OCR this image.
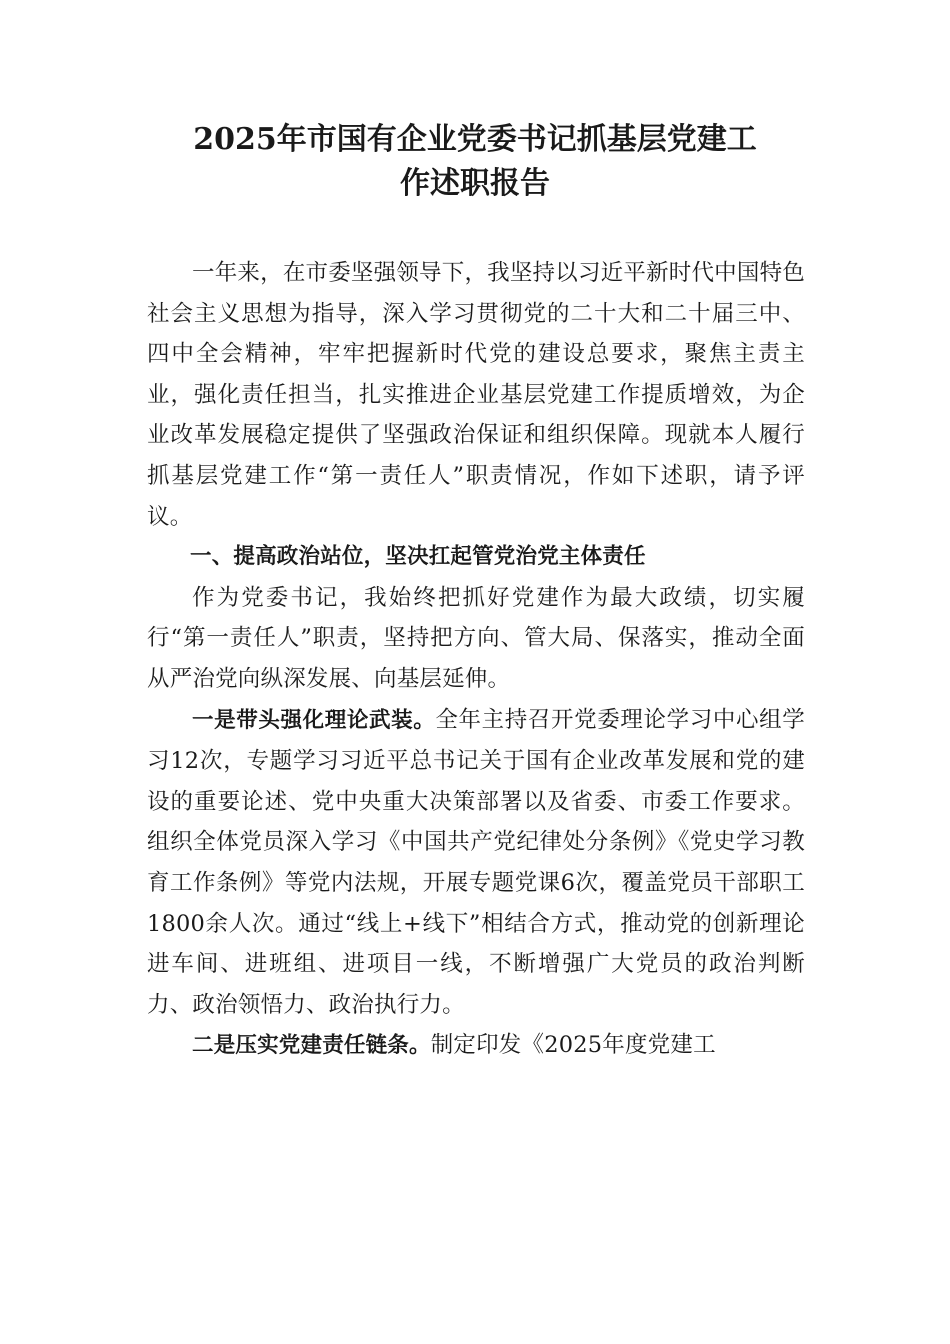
2025年市国有企业党委书记抓基层党建工
作述职报告

一年来，在市委坚强领导下，我坚持以习近平新时代中国特色社会主义思想为指导，深入学习贯彻党的二十大和二十届三中、四中全会精神，牢牢把握新时代党的建设总要求，聚焦主责主业，强化责任担当，扎实推进企业基层党建工作提质增效，为企业改革发展稳定提供了坚强政治保证和组织保障。现就本人履行抓基层党建工作“第一责任人”职责情况，作如下述职，请予评议。

一、提高政治站位，坚决扛起管党治党主体责任

作为党委书记，我始终把抓好党建作为最大政绩，切实履行“第一责任人”职责，坚持把方向、管大局、保落实，推动全面从严治党向纵深发展、向基层延伸。

一是带头强化理论武装。全年主持召开党委理论学习中心组学习12次，专题学习习近平总书记关于国有企业改革发展和党的建设的重要论述、党中央重大决策部署以及省委、市委工作要求。组织全体党员深入学习《中国共产党纪律处分条例》《党史学习教育工作条例》等党内法规，开展专题党课6次，覆盖党员干部职工1800余人次。通过“线上+线下”相结合方式，推动党的创新理论进车间、进班组、进项目一线，不断增强广大党员的政治判断力、政治领悟力、政治执行力。

二是压实党建责任链条。制定印发《2025年度党建工
